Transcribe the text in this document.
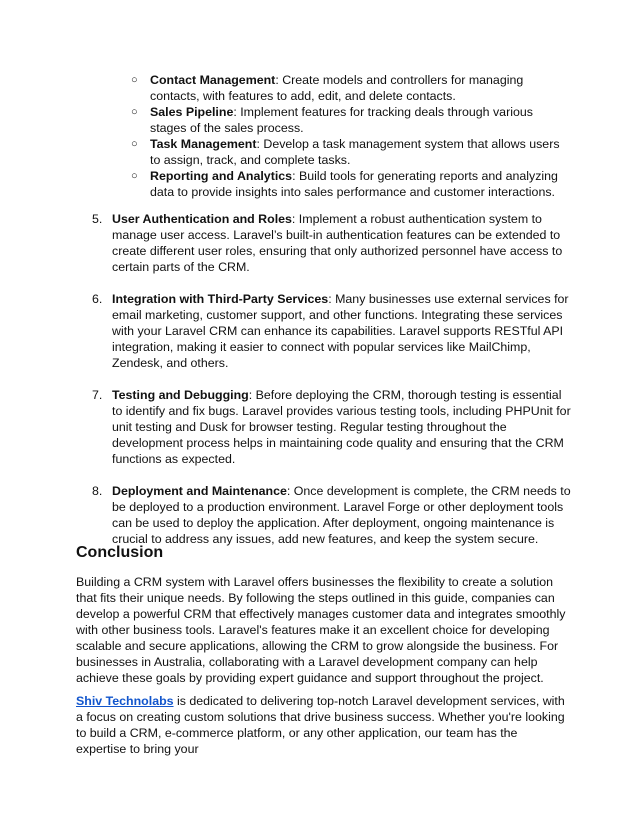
○ Contact Management: Create models and controllers for managing contacts, with features to add, edit, and delete contacts.
○ Sales Pipeline: Implement features for tracking deals through various stages of the sales process.
○ Task Management: Develop a task management system that allows users to assign, track, and complete tasks.
○ Reporting and Analytics: Build tools for generating reports and analyzing data to provide insights into sales performance and customer interactions.
5. User Authentication and Roles: Implement a robust authentication system to manage user access. Laravel’s built-in authentication features can be extended to create different user roles, ensuring that only authorized personnel have access to certain parts of the CRM.
6. Integration with Third-Party Services: Many businesses use external services for email marketing, customer support, and other functions. Integrating these services with your Laravel CRM can enhance its capabilities. Laravel supports RESTful API integration, making it easier to connect with popular services like MailChimp, Zendesk, and others.
7. Testing and Debugging: Before deploying the CRM, thorough testing is essential to identify and fix bugs. Laravel provides various testing tools, including PHPUnit for unit testing and Dusk for browser testing. Regular testing throughout the development process helps in maintaining code quality and ensuring that the CRM functions as expected.
8. Deployment and Maintenance: Once development is complete, the CRM needs to be deployed to a production environment. Laravel Forge or other deployment tools can be used to deploy the application. After deployment, ongoing maintenance is crucial to address any issues, add new features, and keep the system secure.
Conclusion

Building a CRM system with Laravel offers businesses the flexibility to create a solution that fits their unique needs. By following the steps outlined in this guide, companies can develop a powerful CRM that effectively manages customer data and integrates smoothly with other business tools. Laravel's features make it an excellent choice for developing scalable and secure applications, allowing the CRM to grow alongside the business. For businesses in Australia, collaborating with a Laravel development company can help achieve these goals by providing expert guidance and support throughout the project.

Shiv Technolabs is dedicated to delivering top-notch Laravel development services, with a focus on creating custom solutions that drive business success. Whether you're looking to build a CRM, e-commerce platform, or any other application, our team has the expertise to bring your
